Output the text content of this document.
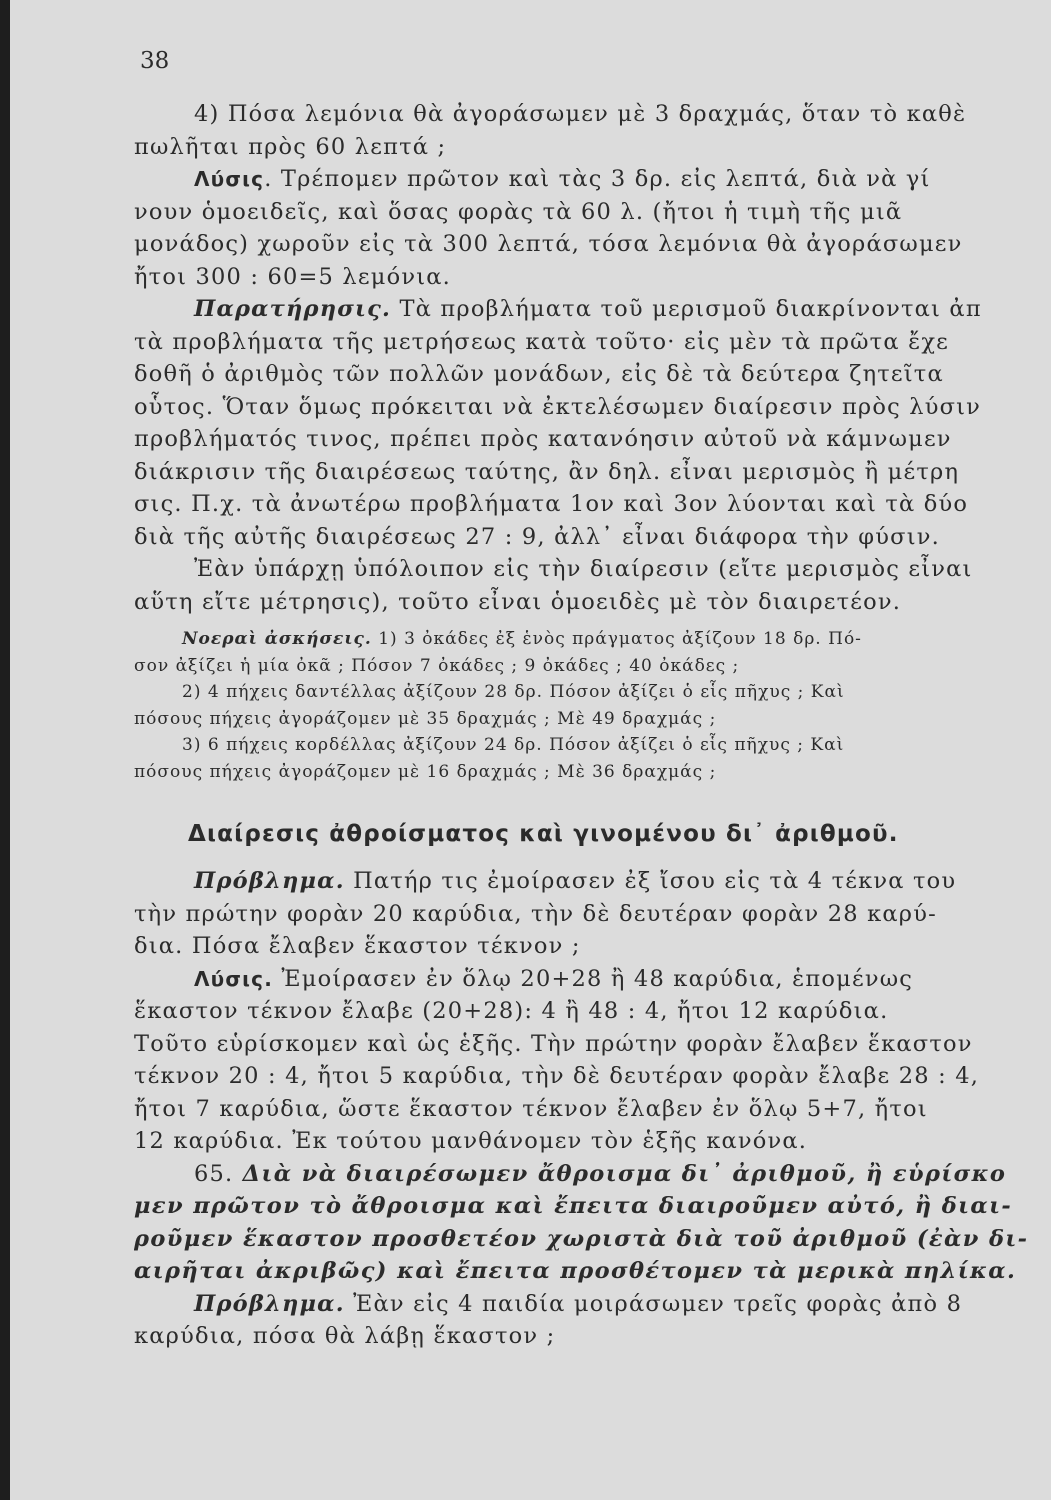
38
4) Πόσα λεμόνια θὰ ἀγοράσωμεν μὲ 3 δραχμάς, ὅταν τὸ καθὲ
πωλῆται πρὸς 60 λεπτά ;
Λύσις. Τρέπομεν πρῶτον καὶ τὰς 3 δρ. εἰς λεπτά, διὰ νὰ γί
νουν ὁμοειδεῖς, καὶ ὅσας φορὰς τὰ 60 λ. (ἤτοι ἡ τιμὴ τῆς μιᾶ
μονάδος) χωροῦν εἰς τὰ 300 λεπτά, τόσα λεμόνια θὰ ἀγοράσωμεν
ἤτοι 300 : 60=5 λεμόνια.
Παρατήρησις. Τὰ προβλήματα τοῦ μερισμοῦ διακρίνονται ἀπ
τὰ προβλήματα τῆς μετρήσεως κατὰ τοῦτο· εἰς μὲν τὰ πρῶτα ἔχε
δοθῆ ὁ ἀριθμὸς τῶν πολλῶν μονάδων, εἰς δὲ τὰ δεύτερα ζητεῖτα
οὗτος. Ὅταν ὅμως πρόκειται νὰ ἐκτελέσωμεν διαίρεσιν πρὸς λύσιν
προβλήματός τινος, πρέπει πρὸς κατανόησιν αὐτοῦ νὰ κάμνωμεν
διάκρισιν τῆς διαιρέσεως ταύτης, ἂν δηλ. εἶναι μερισμὸς ἢ μέτρη
σις. Π.χ. τὰ ἀνωτέρω προβλήματα 1ον καὶ 3ον λύονται καὶ τὰ δύο
διὰ τῆς αὐτῆς διαιρέσεως 27 : 9, ἀλλ᾽ εἶναι διάφορα τὴν φύσιν.
Ἐὰν ὑπάρχῃ ὑπόλοιπον εἰς τὴν διαίρεσιν (εἴτε μερισμὸς εἶναι
αὕτη εἴτε μέτρησις), τοῦτο εἶναι ὁμοειδὲς μὲ τὸν διαιρετέον.
Νοεραὶ ἀσκήσεις. 1) 3 ὀκάδες ἐξ ἑνὸς πράγματος ἀξίζουν 18 δρ. Πό-
σον ἀξίζει ἡ μία ὀκᾶ ; Πόσον 7 ὀκάδες ; 9 ὀκάδες ; 40 ὀκάδες ;
2) 4 πήχεις δαντέλλας ἀξίζουν 28 δρ. Πόσον ἀξίζει ὁ εἷς πῆχυς ; Καὶ
πόσους πήχεις ἀγοράζομεν μὲ 35 δραχμάς ; Μὲ 49 δραχμάς ;
3) 6 πήχεις κορδέλλας ἀξίζουν 24 δρ. Πόσον ἀξίζει ὁ εἷς πῆχυς ; Καὶ
πόσους πήχεις ἀγοράζομεν μὲ 16 δραχμάς ; Μὲ 36 δραχμάς ;
Διαίρεσις ἀθροίσματος καὶ γινομένου δι᾽ ἀριθμοῦ.
Πρόβλημα. Πατήρ τις ἐμοίρασεν ἐξ ἴσου εἰς τὰ 4 τέκνα του
τὴν πρώτην φορὰν 20 καρύδια, τὴν δὲ δευτέραν φορὰν 28 καρύ-
δια. Πόσα ἔλαβεν ἕκαστον τέκνον ;
Λύσις. Ἐμοίρασεν ἐν ὅλῳ 20+28 ἢ 48 καρύδια, ἑπομένως
ἕκαστον τέκνον ἔλαβε (20+28): 4 ἢ 48 : 4, ἤτοι 12 καρύδια.
Τοῦτο εὑρίσκομεν καὶ ὡς ἑξῆς. Τὴν πρώτην φορὰν ἔλαβεν ἕκαστον
τέκνον 20 : 4, ἤτοι 5 καρύδια, τὴν δὲ δευτέραν φορὰν ἔλαβε 28 : 4,
ἤτοι 7 καρύδια, ὥστε ἕκαστον τέκνον ἔλαβεν ἐν ὅλῳ 5+7, ἤτοι
12 καρύδια. Ἐκ τούτου μανθάνομεν τὸν ἑξῆς κανόνα.
65. Διὰ νὰ διαιρέσωμεν ἄθροισμα δι᾽ ἀριθμοῦ, ἢ εὑρίσκο
μεν πρῶτον τὸ ἄθροισμα καὶ ἔπειτα διαιροῦμεν αὐτό, ἢ διαι-
ροῦμεν ἕκαστον προσθετέον χωριστὰ διὰ τοῦ ἀριθμοῦ (ἐὰν δι-
αιρῆται ἀκριβῶς) καὶ ἔπειτα προσθέτομεν τὰ μερικὰ πηλίκα.
Πρόβλημα. Ἐὰν εἰς 4 παιδία μοιράσωμεν τρεῖς φορὰς ἀπὸ 8
καρύδια, πόσα θὰ λάβῃ ἕκαστον ;
